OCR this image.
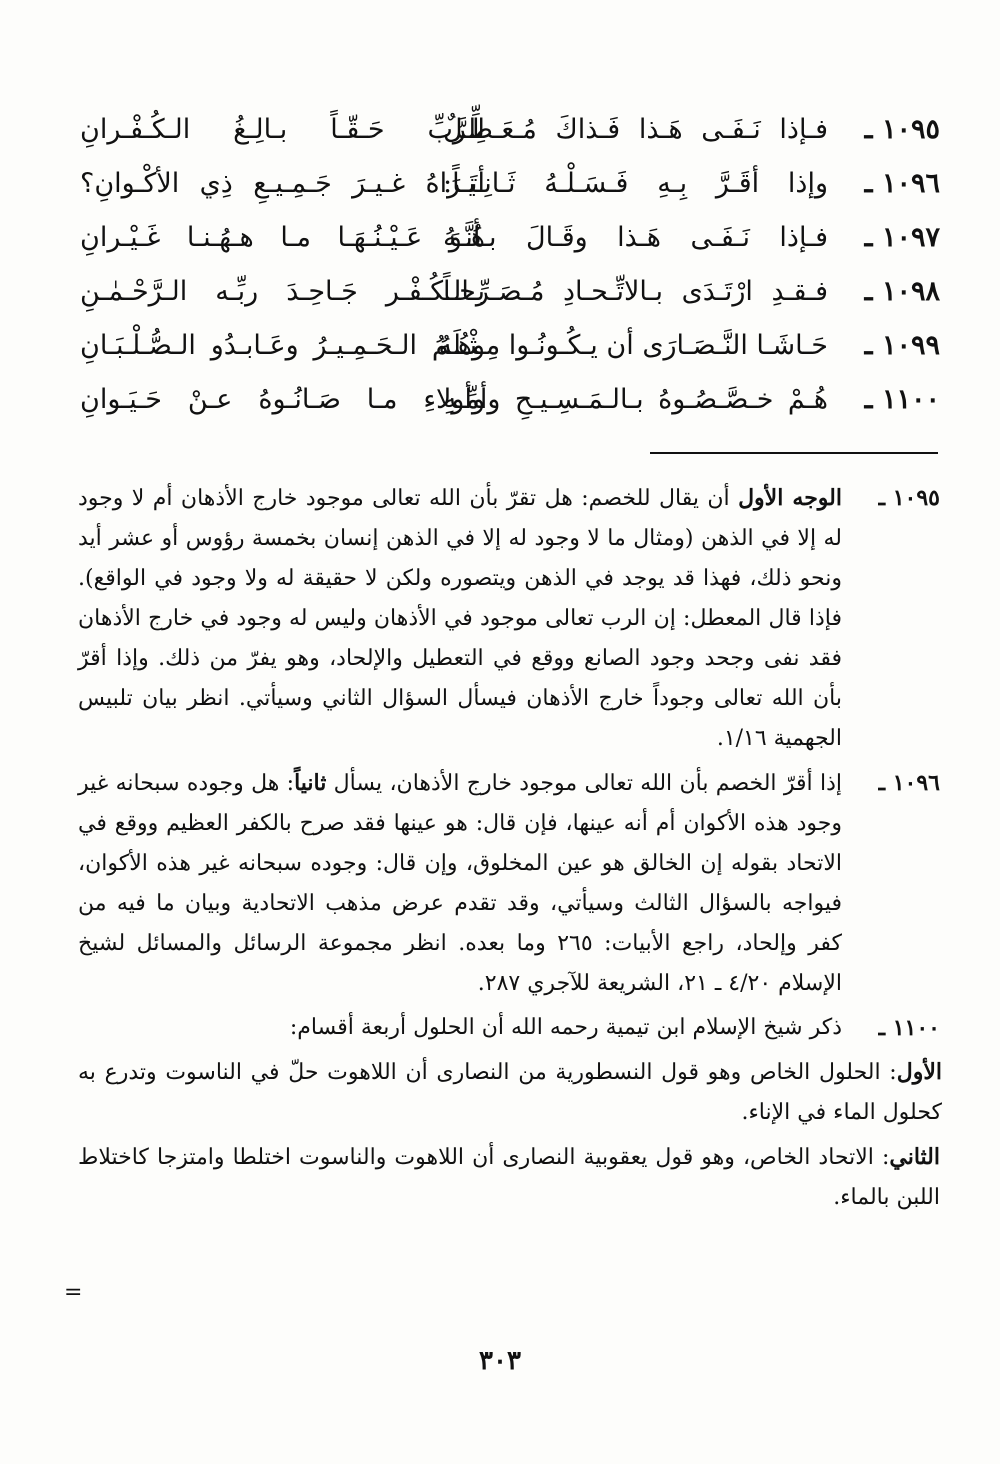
١٠٩٥ ـ
فـإذا نَـفَـى هَـذا فَـذاكَ مُـعَـطِّـلٌ
لِلرَّبِّ حَـقّـاً بـالِـغُ الـكُـفْـرانِ
١٠٩٦ ـ
وإذا أقَـرَّ بِـهِ فَـسَـلْـهُ ثَـانِـيـاً:
أتَـرَاهُ غـيـرَ جَـمِـيـعِ ذِي الأكْـوانِ؟
١٠٩٧ ـ
فـإذا نَـفَـى هَـذا وقَـالَ بـأنَّـهُ
هُـوَ عَـيْـنُـهَـا مـا هـهُـنـا غَـيْـرانِ
١٠٩٨ ـ
فـقـدِ ارْتَـدَى بـالاتِّـحـادِ مُـصَـرِّحـاً
بـالـكُـفْـر جَـاحِـدَ ربِّـه الـرَّحْـمٰـنِ
١٠٩٩ ـ
حَـاشَـا النَّـصَـارَى أن يـكُـونُـوا مِـثْـلَهُ
وهُـمُ الـحَـمِـيـرُ وعَـابـدُو الـصُّـلْـبَـانِ
١١٠٠ ـ
هُـمْ خـصَّـصُـوهُ بـالـمَـسِـيـحِ وأمِّـهِ
وأولاءِ مـا صَـانُـوهُ عـنْ حَـيَـوانِ
١٠٩٥ ـ

الوجه الأول أن يقال للخصم: هل تقرّ بأن الله تعالى موجود خارج الأذهان أم لا وجود له إلا في الذهن (ومثال ما لا وجود له إلا في الذهن إنسان بخمسة رؤوس أو عشر أيد ونحو ذلك، فهذا قد يوجد في الذهن ويتصوره ولكن لا حقيقة له ولا وجود في الواقع). فإذا قال المعطل: إن الرب تعالى موجود في الأذهان وليس له وجود في خارج الأذهان فقد نفى وجحد وجود الصانع ووقع في التعطيل والإلحاد، وهو يفرّ من ذلك. وإذا أقرّ بأن الله تعالى وجوداً خارج الأذهان فيسأل السؤال الثاني وسيأتي. انظر بيان تلبيس الجهمية ١/١٦.

١٠٩٦ ـ

إذا أقرّ الخصم بأن الله تعالى موجود خارج الأذهان، يسأل ثانياً: هل وجوده سبحانه غير وجود هذه الأكوان أم أنه عينها، فإن قال: هو عينها فقد صرح بالكفر العظيم ووقع في الاتحاد بقوله إن الخالق هو عين المخلوق، وإن قال: وجوده سبحانه غير هذه الأكوان، فيواجه بالسؤال الثالث وسيأتي، وقد تقدم عرض مذهب الاتحادية وبيان ما فيه من كفر وإلحاد، راجع الأبيات: ٢٦٥ وما بعده. انظر مجموعة الرسائل والمسائل لشيخ الإسلام ٤/٢٠ ـ ٢١، الشريعة للآجري ٢٨٧.

١١٠٠ ـ

ذكر شيخ الإسلام ابن تيمية رحمه الله أن الحلول أربعة أقسام:

الأول: الحلول الخاص وهو قول النسطورية من النصارى أن اللاهوت حلّ في الناسوت وتدرع به كحلول الماء في الإناء.

الثاني: الاتحاد الخاص، وهو قول يعقوبية النصارى أن اللاهوت والناسوت اختلطا وامتزجا كاختلاط اللبن بالماء.

=
٣٠٣
